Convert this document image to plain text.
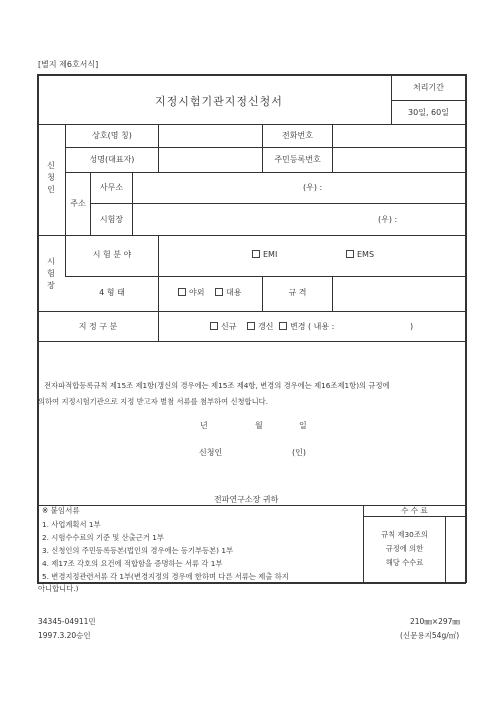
[별지 제6호서식]
지정시험기관지정신청서
처리기간
30일, 60일
신
청
인
상호(명 칭)	전화번호
성명(대표자)	주민등록번호
주소
사무소	(우) :
시험장	(우) :
시
험
장
시 험 분 야	EMI	EMS
4 형 태	야외	대용	규 격
지 정 구 분	신규	갱신	변경 ( 내용 :	)
전자파적합등록규칙 제15조 제1항(갱신의 경우에는 제15조 제4항, 변경의 경우에는 제16조제1항)의 규정에
의하여 지정시험기관으로 지정 받고자 별첨 서류를 첨부하여 신청합니다.
년	월	일
신청인	(인)
전파연구소장 귀하
※ 붙임서류
1. 사업계획서 1부
2. 시험수수료의 기준 및 산출근거 1부
3. 신청인의 주민등록등본(법인의 경우에는 등기부등본) 1부
4. 제17조 각호의 요건에 적합함을 증명하는 서류 각 1부
5. 변경지정관련서류 각 1부(변경지정의 경우에 한하며 다른 서류는 제출 하지
아니합니다.)
수 수 료
규칙 제30조의
규정에 의한
해당 수수료
34345-04911민
1997.3.20승인
210㎜×297㎜
(신문용지54g/㎡)
